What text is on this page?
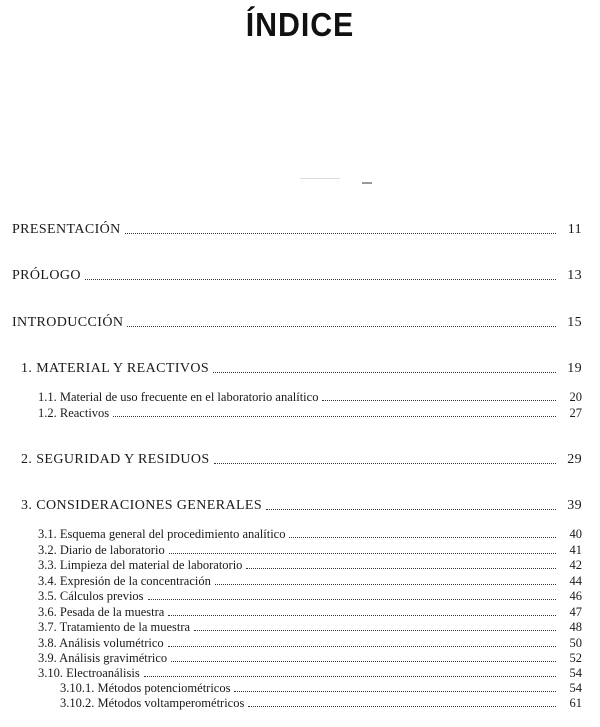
ÍNDICE
PRESENTACIÓN	11
PRÓLOGO	13
INTRODUCCIÓN	15
1. MATERIAL Y REACTIVOS	19
1.1. Material de uso frecuente en el laboratorio analítico	20
1.2. Reactivos	27
2. SEGURIDAD Y RESIDUOS	29
3. CONSIDERACIONES GENERALES	39
3.1. Esquema general del procedimiento analítico	40
3.2. Diario de laboratorio	41
3.3. Limpieza del material de laboratorio	42
3.4. Expresión de la concentración	44
3.5. Cálculos previos	46
3.6. Pesada de la muestra	47
3.7. Tratamiento de la muestra	48
3.8. Análisis volumétrico	50
3.9. Análisis gravimétrico	52
3.10. Electroanálisis	54
3.10.1. Métodos potenciométricos	54
3.10.2. Métodos voltamperométricos	61
